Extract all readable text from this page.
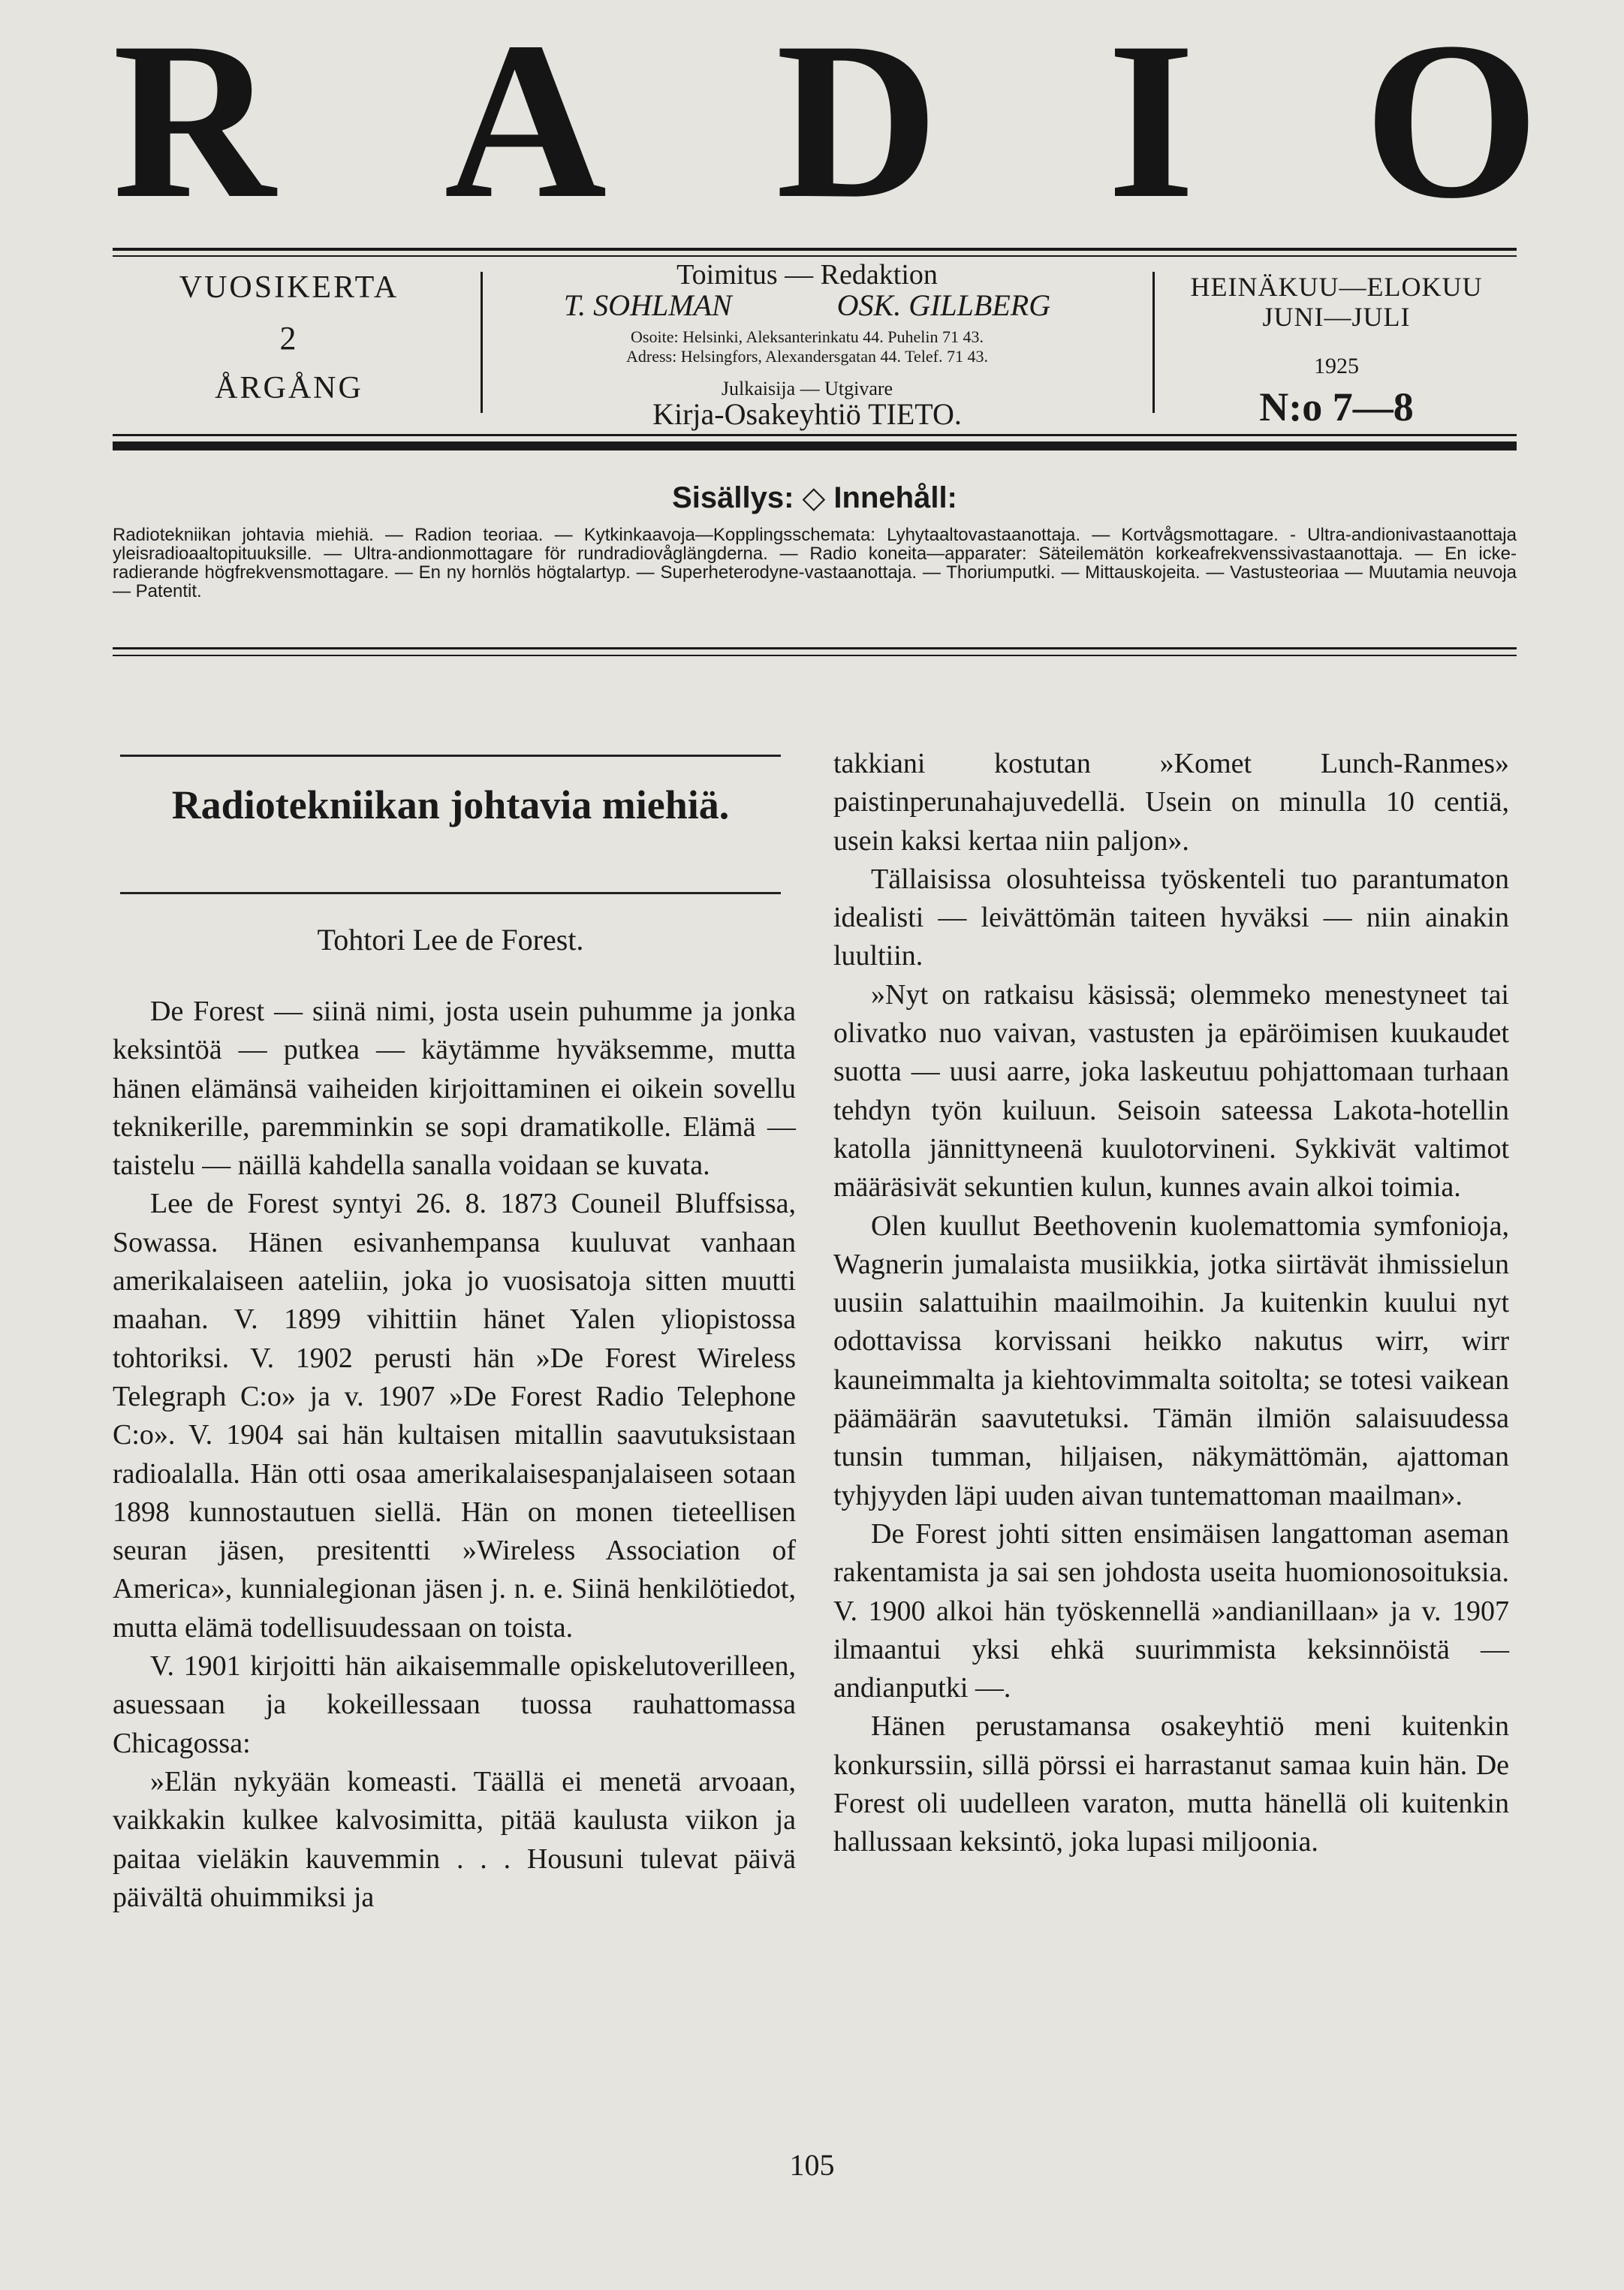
R A D I O
VUOSIKERTA
2
ÅRGÅNG
Toimitus — Redaktion
T. SOHLMAN	OSK. GILLBERG
Osoite: Helsinki, Aleksanterinkatu 44. Puhelin 71 43.
Adress: Helsingfors, Alexandersgatan 44. Telef. 71 43.
Julkaisija — Utgivare
Kirja-Osakeyhtiö TIETO.
HEINÄKUU—ELOKUU
JUNI—JULI
1925
N:o 7—8
Sisällys: ◇ Innehåll:
Radiotekniikan johtavia miehiä. — Radion teoriaa. — Kytkinkaavoja—Kopplingsschemata: Lyhytaaltovastaanottaja. — Kortvågsmottagare. - Ultra-andionivastaanottaja yleisradioaaltopituuksille. — Ultra-andionmottagare för rundradiovåglängderna. — Radio koneita—apparater: Säteilemätön korkeafrekvenssivastaanottaja. — En icke-radierande högfrekvensmottagare. — En ny hornlös högtalartyp. — Superheterodyne-vastaanottaja. — Thoriumputki. — Mittauskojeita. — Vastusteoriaa — Muutamia neuvoja — Patentit.
Radiotekniikan johtavia miehiä.
Tohtori Lee de Forest.

De Forest — siinä nimi, josta usein puhumme ja jonka keksintöä — putkea — käytämme hyväksemme, mutta hänen elämänsä vaiheiden kirjoittaminen ei oikein sovellu teknikerille, paremminkin se sopi dramatikolle. Elämä — taistelu — näillä kahdella sanalla voidaan se kuvata.

Lee de Forest syntyi 26. 8. 1873 Couneil Bluffsissa, Sowassa. Hänen esivanhempansa kuuluvat vanhaan amerikalaiseen aateliin, joka jo vuosisatoja sitten muutti maahan. V. 1899 vihittiin hänet Yalen yliopistossa tohtoriksi. V. 1902 perusti hän »De Forest Wireless Telegraph C:o» ja v. 1907 »De Forest Radio Telephone C:o». V. 1904 sai hän kultaisen mitallin saavutuksistaan radioalalla. Hän otti osaa amerikalaisespanjalaiseen sotaan 1898 kunnostautuen siellä. Hän on monen tieteellisen seuran jäsen, presitentti »Wireless Association of America», kunnialegionan jäsen j. n. e. Siinä henkilötiedot, mutta elämä todellisuudessaan on toista.

V. 1901 kirjoitti hän aikaisemmalle opiskelutoverilleen, asuessaan ja kokeillessaan tuossa rauhattomassa Chicagossa:

»Elän nykyään komeasti. Täällä ei menetä arvoaan, vaikkakin kulkee kalvosimitta, pitää kaulusta viikon ja paitaa vieläkin kauvemmin . . . Housuni tulevat päivä päivältä ohuimmiksi ja

takkiani kostutan »Komet Lunch-Ranmes» paistinperunahajuvedellä. Usein on minulla 10 centiä, usein kaksi kertaa niin paljon».

Tällaisissa olosuhteissa työskenteli tuo parantumaton idealisti — leivättömän taiteen hyväksi — niin ainakin luultiin.

»Nyt on ratkaisu käsissä; olemmeko menestyneet tai olivatko nuo vaivan, vastusten ja epäröimisen kuukaudet suotta — uusi aarre, joka laskeutuu pohjattomaan turhaan tehdyn työn kuiluun. Seisoin sateessa Lakota-hotellin katolla jännittyneenä kuulotorvineni. Sykkivät valtimot määräsivät sekuntien kulun, kunnes avain alkoi toimia.

Olen kuullut Beethovenin kuolemattomia symfonioja, Wagnerin jumalaista musiikkia, jotka siirtävät ihmissielun uusiin salattuihin maailmoihin. Ja kuitenkin kuului nyt odottavissa korvissani heikko nakutus wirr, wirr kauneimmalta ja kiehtovimmalta soitolta; se totesi vaikean päämäärän saavutetuksi. Tämän ilmiön salaisuudessa tunsin tumman, hiljaisen, näkymättömän, ajattoman tyhjyyden läpi uuden aivan tuntemattoman maailman».

De Forest johti sitten ensimäisen langattoman aseman rakentamista ja sai sen johdosta useita huomionosoituksia. V. 1900 alkoi hän työskennellä »andianillaan» ja v. 1907 ilmaantui yksi ehkä suurimmista keksinnöistä — andianputki —.

Hänen perustamansa osakeyhtiö meni kuitenkin konkurssiin, sillä pörssi ei harrastanut samaa kuin hän. De Forest oli uudelleen varaton, mutta hänellä oli kuitenkin hallussaan keksintö, joka lupasi miljoonia.

105
